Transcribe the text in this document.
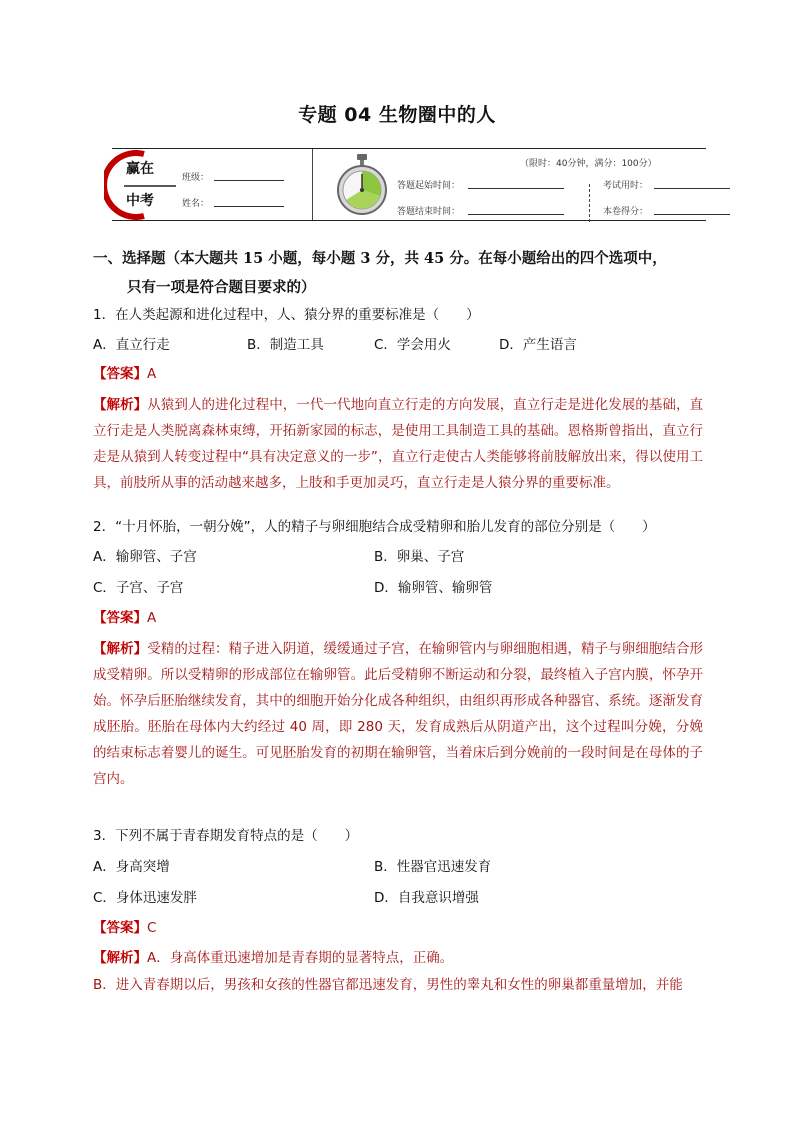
专题 04 生物圈中的人
赢在
中考
班级：
姓名：
（限时：40分钟，满分：100分）
答题起始时间：
答题结束时间：
考试用时：
本卷得分：
一、选择题（本大题共 15 小题，每小题 3 分，共 45 分。在每小题给出的四个选项中，
只有一项是符合题目要求的）
1．在人类起源和进化过程中，人、猿分界的重要标准是（　　）
A．直立行走	B．制造工具	C．学会用火	D．产生语言
【答案】A
【解析】从猿到人的进化过程中，一代一代地向直立行走的方向发展，直立行走是进化发展的基础，直立行走是人类脱离森林束缚，开拓新家园的标志，是使用工具制造工具的基础。恩格斯曾指出，直立行走是从猿到人转变过程中“具有决定意义的一步”，直立行走使古人类能够将前肢解放出来，得以使用工具，前肢所从事的活动越来越多，上肢和手更加灵巧，直立行走是人猿分界的重要标准。
2．“十月怀胎，一朝分娩”，人的精子与卵细胞结合成受精卵和胎儿发育的部位分别是（　　）
A．输卵管、子宫	B．卵巢、子宫
C．子宫、子宫	D．输卵管、输卵管
【答案】A
【解析】受精的过程：精子进入阴道，缓缓通过子宫，在输卵管内与卵细胞相遇，精子与卵细胞结合形成受精卵。所以受精卵的形成部位在输卵管。此后受精卵不断运动和分裂，最终植入子宫内膜，怀孕开始。怀孕后胚胎继续发育，其中的细胞开始分化成各种组织，由组织再形成各种器官、系统。逐渐发育成胚胎。胚胎在母体内大约经过 40 周，即 280 天，发育成熟后从阴道产出，这个过程叫分娩，分娩的结束标志着婴儿的诞生。可见胚胎发育的初期在输卵管，当着床后到分娩前的一段时间是在母体的子宫内。
3．下列不属于青春期发育特点的是（　　）
A．身高突增	B．性器官迅速发育
C．身体迅速发胖	D．自我意识增强
【答案】C
【解析】A．身高体重迅速增加是青春期的显著特点，正确。
B．进入青春期以后，男孩和女孩的性器官都迅速发育，男性的睾丸和女性的卵巢都重量增加，并能
